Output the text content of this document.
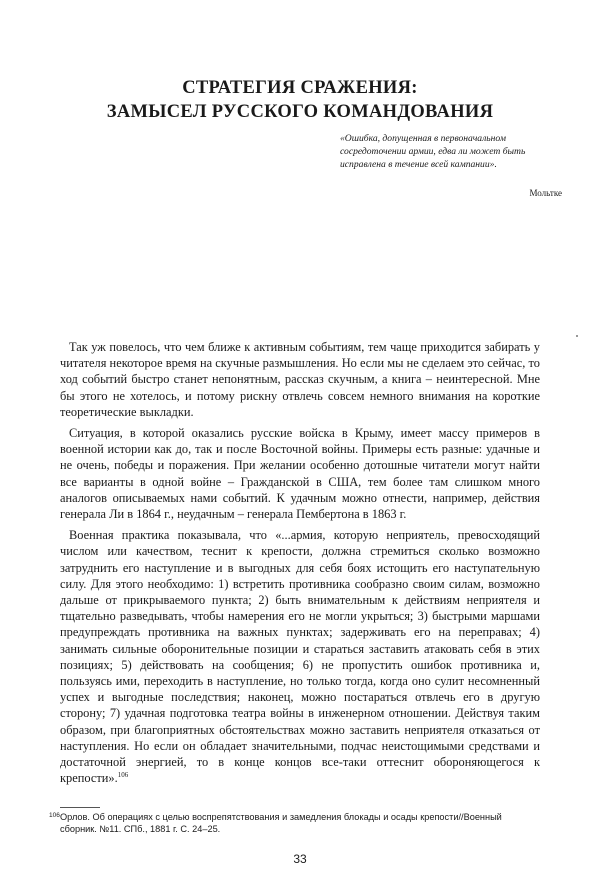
СТРАТЕГИЯ СРАЖЕНИЯ:
ЗАМЫСЕЛ РУССКОГО КОМАНДОВАНИЯ
«Ошибка, допущенная в первоначальном сосредоточении армии, едва ли может быть исправлена в течение всей кампании».
Мольтке

Так уж повелось, что чем ближе к активным событиям, тем чаще приходится забирать у читателя некоторое время на скучные размышления. Но если мы не сделаем это сейчас, то ход событий быстро станет непонятным, рассказ скучным, а книга – неинтересной. Мне бы этого не хотелось, и потому рискну отвлечь совсем немного внимания на короткие теоретические выкладки.

Ситуация, в которой оказались русские войска в Крыму, имеет массу примеров в военной истории как до, так и после Восточной войны. Примеры есть разные: удачные и не очень, победы и поражения. При желании особенно дотошные читатели могут найти все варианты в одной войне – Гражданской в США, тем более там слишком много аналогов описываемых нами событий. К удачным можно отнести, например, действия генерала Ли в 1864 г., неудачным – генерала Пембертона в 1863 г.

Военная практика показывала, что «...армия, которую неприятель, превосходящий числом или качеством, теснит к крепости, должна стремиться сколько возможно затруднить его наступление и в выгодных для себя боях истощить его наступательную силу. Для этого необходимо: 1) встретить противника сообразно своим силам, возможно дальше от прикрываемого пункта; 2) быть внимательным к действиям неприятеля и тщательно разведывать, чтобы намерения его не могли укрыться; 3) быстрыми маршами предупреждать противника на важных пунктах; задерживать его на переправах; 4) занимать сильные оборонительные позиции и стараться заставить атаковать себя в этих позициях; 5) действовать на сообщения; 6) не пропустить ошибок противника и, пользуясь ими, переходить в наступление, но только тогда, когда оно сулит несомненный успех и выгодные последствия; наконец, можно постараться отвлечь его в другую сторону; 7) удачная подготовка театра войны в инженерном отношении. Действуя таким образом, при благоприятных обстоятельствах можно заставить неприятеля отказаться от наступления. Но если он обладает значительными, подчас неистощимыми средствами и достаточной энергией, то в конце концов все-таки оттеснит обороняющегося к крепости».$^{106}$

106 Орлов. Об операциях с целью воспрепятствования и замедления блокады и осады крепости//Военный сборник. №11. СПб., 1881 г. С. 24–25.
33
